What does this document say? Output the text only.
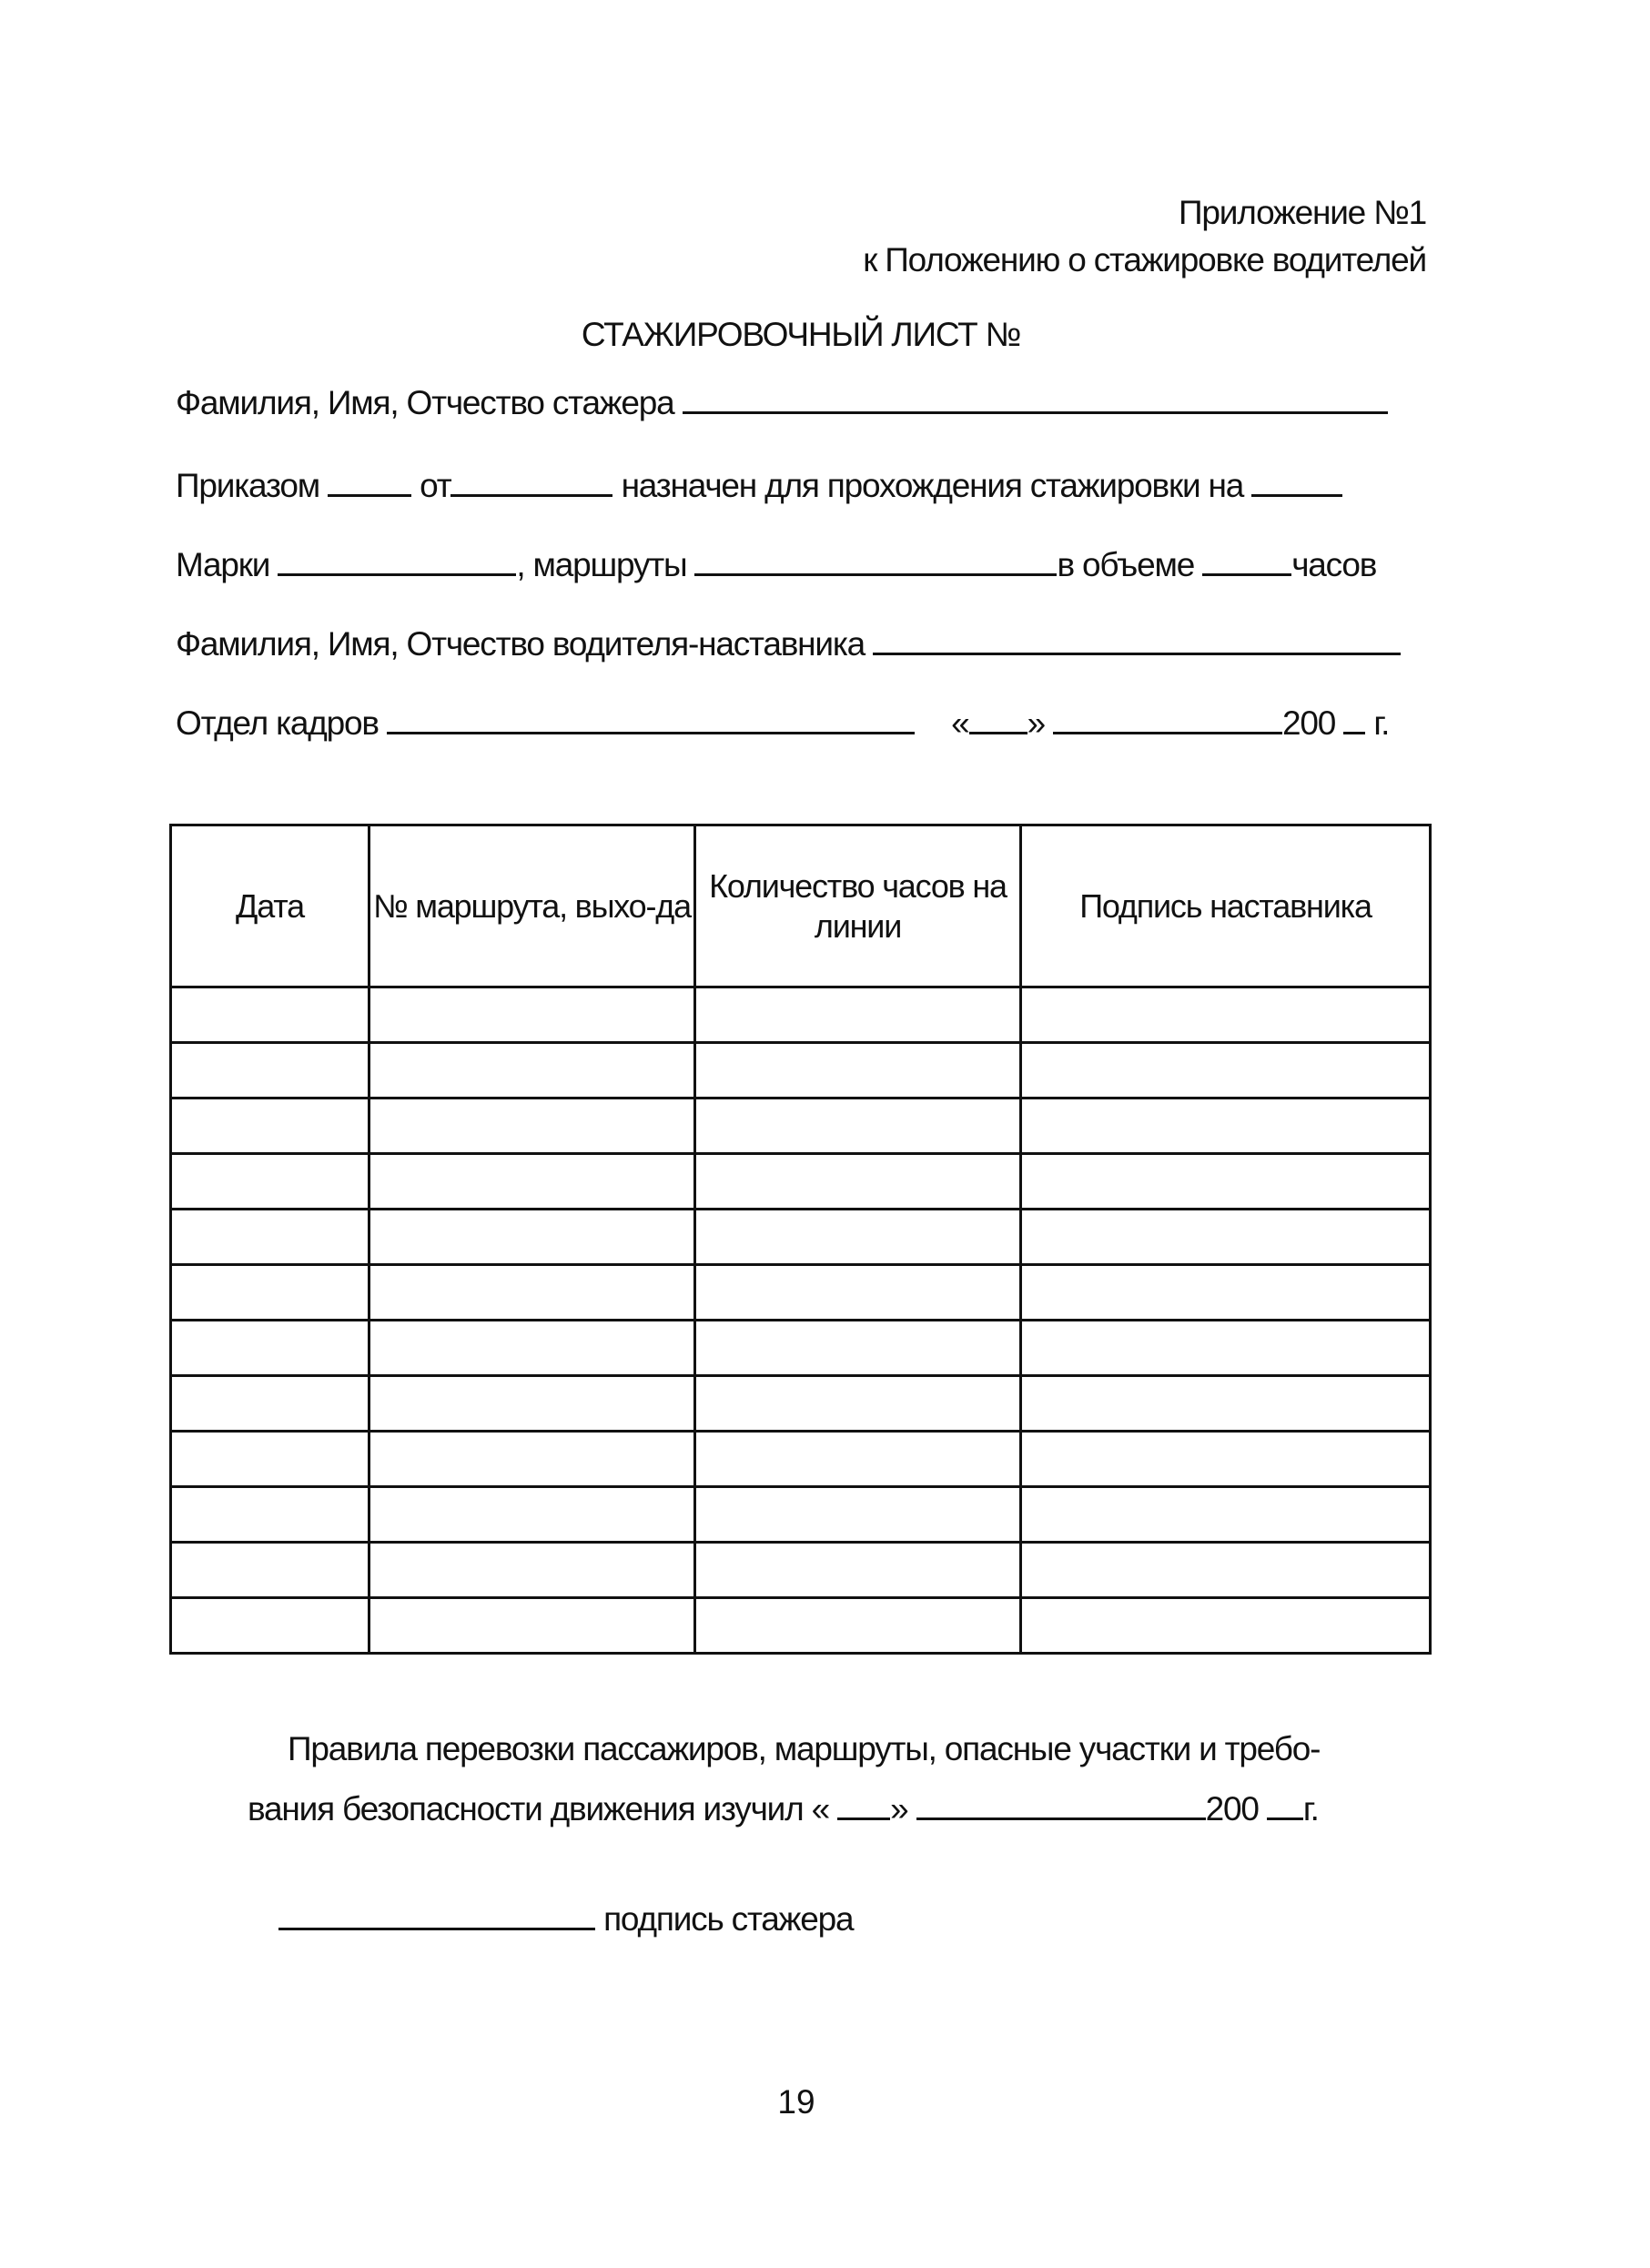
Приложение №1
к Положению о стажировке водителей
СТАЖИРОВОЧНЫЙ ЛИСТ №
Фамилия, Имя, Отчество стажера
Приказом	от	назначен для прохождения стажировки на
Марки	, маршруты	в объеме	часов
Фамилия, Имя, Отчество водителя-наставника
Отдел кадров	« »	200 г.
Дата	№ маршрута, выхо-да	Количество часов на линии	Подпись наставника

Правила перевозки пассажиров, маршруты, опасные участки и требо-
вания безопасности движения изучил « »	200 г.
подпись стажера
19
